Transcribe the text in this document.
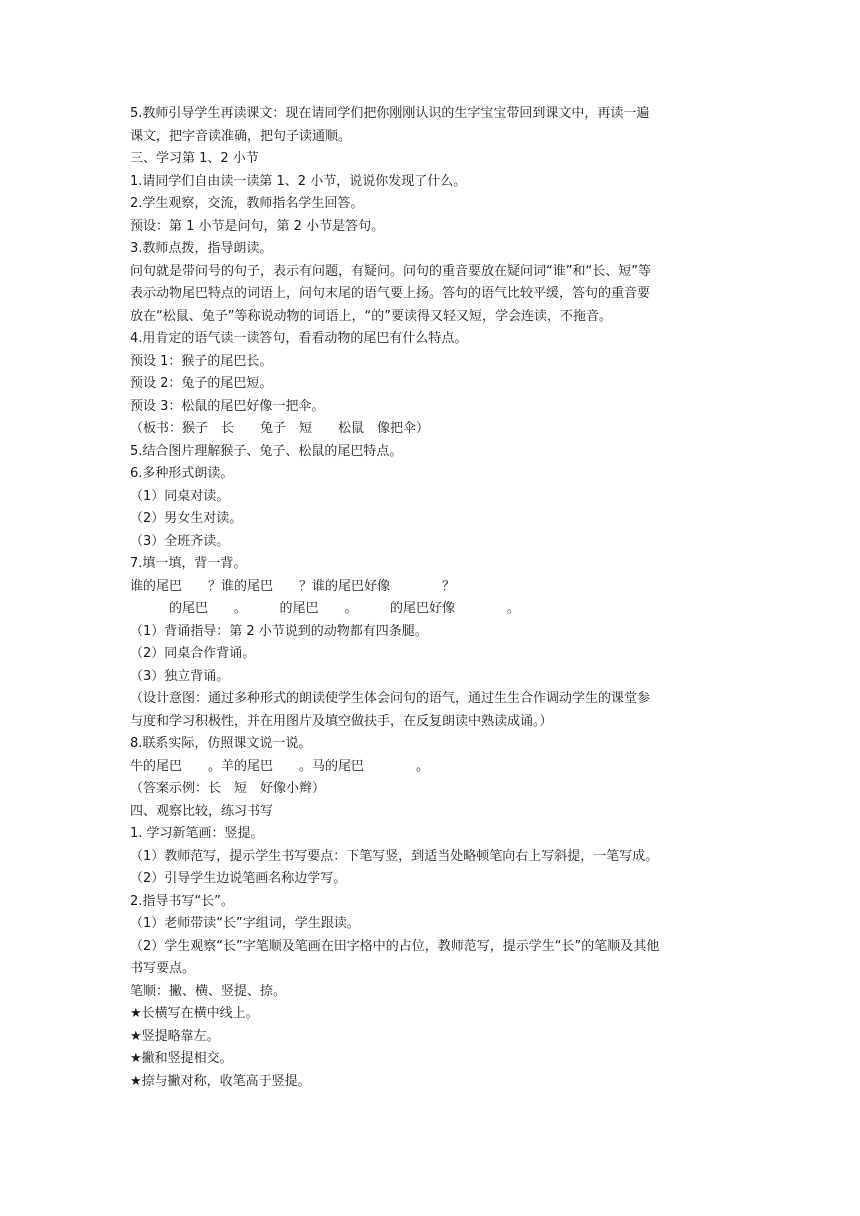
5.教师引导学生再读课文：现在请同学们把你刚刚认识的生字宝宝带回到课文中，再读一遍
课文，把字音读准确，把句子读通顺。
三、学习第 1、2 小节
1.请同学们自由读一读第 1、2 小节，说说你发现了什么。
2.学生观察，交流，教师指名学生回答。
预设：第 1 小节是问句，第 2 小节是答句。
3.教师点拨，指导朗读。
问句就是带问号的句子，表示有问题，有疑问。问句的重音要放在疑问词“谁”和“长、短”等
表示动物尾巴特点的词语上，问句末尾的语气要上扬。答句的语气比较平缓，答句的重音要
放在“松鼠、兔子”等称说动物的词语上，“的”要读得又轻又短，学会连读，不拖音。
4.用肯定的语气读一读答句，看看动物的尾巴有什么特点。
预设 1：猴子的尾巴长。
预设 2：兔子的尾巴短。
预设 3：松鼠的尾巴好像一把伞。
（板书：猴子　长　　兔子　短　　松鼠　像把伞）
5.结合图片理解猴子、兔子、松鼠的尾巴特点。
6.多种形式朗读。
（1）同桌对读。
（2）男女生对读。
（3）全班齐读。
7.填一填，背一背。
谁的尾巴　　？谁的尾巴　　？谁的尾巴好像　　　　？
　　　的尾巴　　。　　　的尾巴　　。　　　的尾巴好像　　　　。
（1）背诵指导：第 2 小节说到的动物都有四条腿。
（2）同桌合作背诵。
（3）独立背诵。
（设计意图：通过多种形式的朗读使学生体会问句的语气，通过生生合作调动学生的课堂参
与度和学习积极性，并在用图片及填空做扶手，在反复朗读中熟读成诵。）
8.联系实际，仿照课文说一说。
牛的尾巴　　。羊的尾巴　　。马的尾巴　　　　。
（答案示例：长　短　好像小辫）
四、观察比较，练习书写
1. 学习新笔画：竖提。
（1）教师范写，提示学生书写要点：下笔写竖，到适当处略顿笔向右上写斜提，一笔写成。
（2）引导学生边说笔画名称边学写。
2.指导书写“长”。
（1）老师带读“长”字组词，学生跟读。
（2）学生观察“长”字笔顺及笔画在田字格中的占位，教师范写，提示学生“长”的笔顺及其他
书写要点。
笔顺：撇、横、竖提、捺。
★长横写在横中线上。
★竖提略靠左。
★撇和竖提相交。
★捺与撇对称，收笔高于竖提。
